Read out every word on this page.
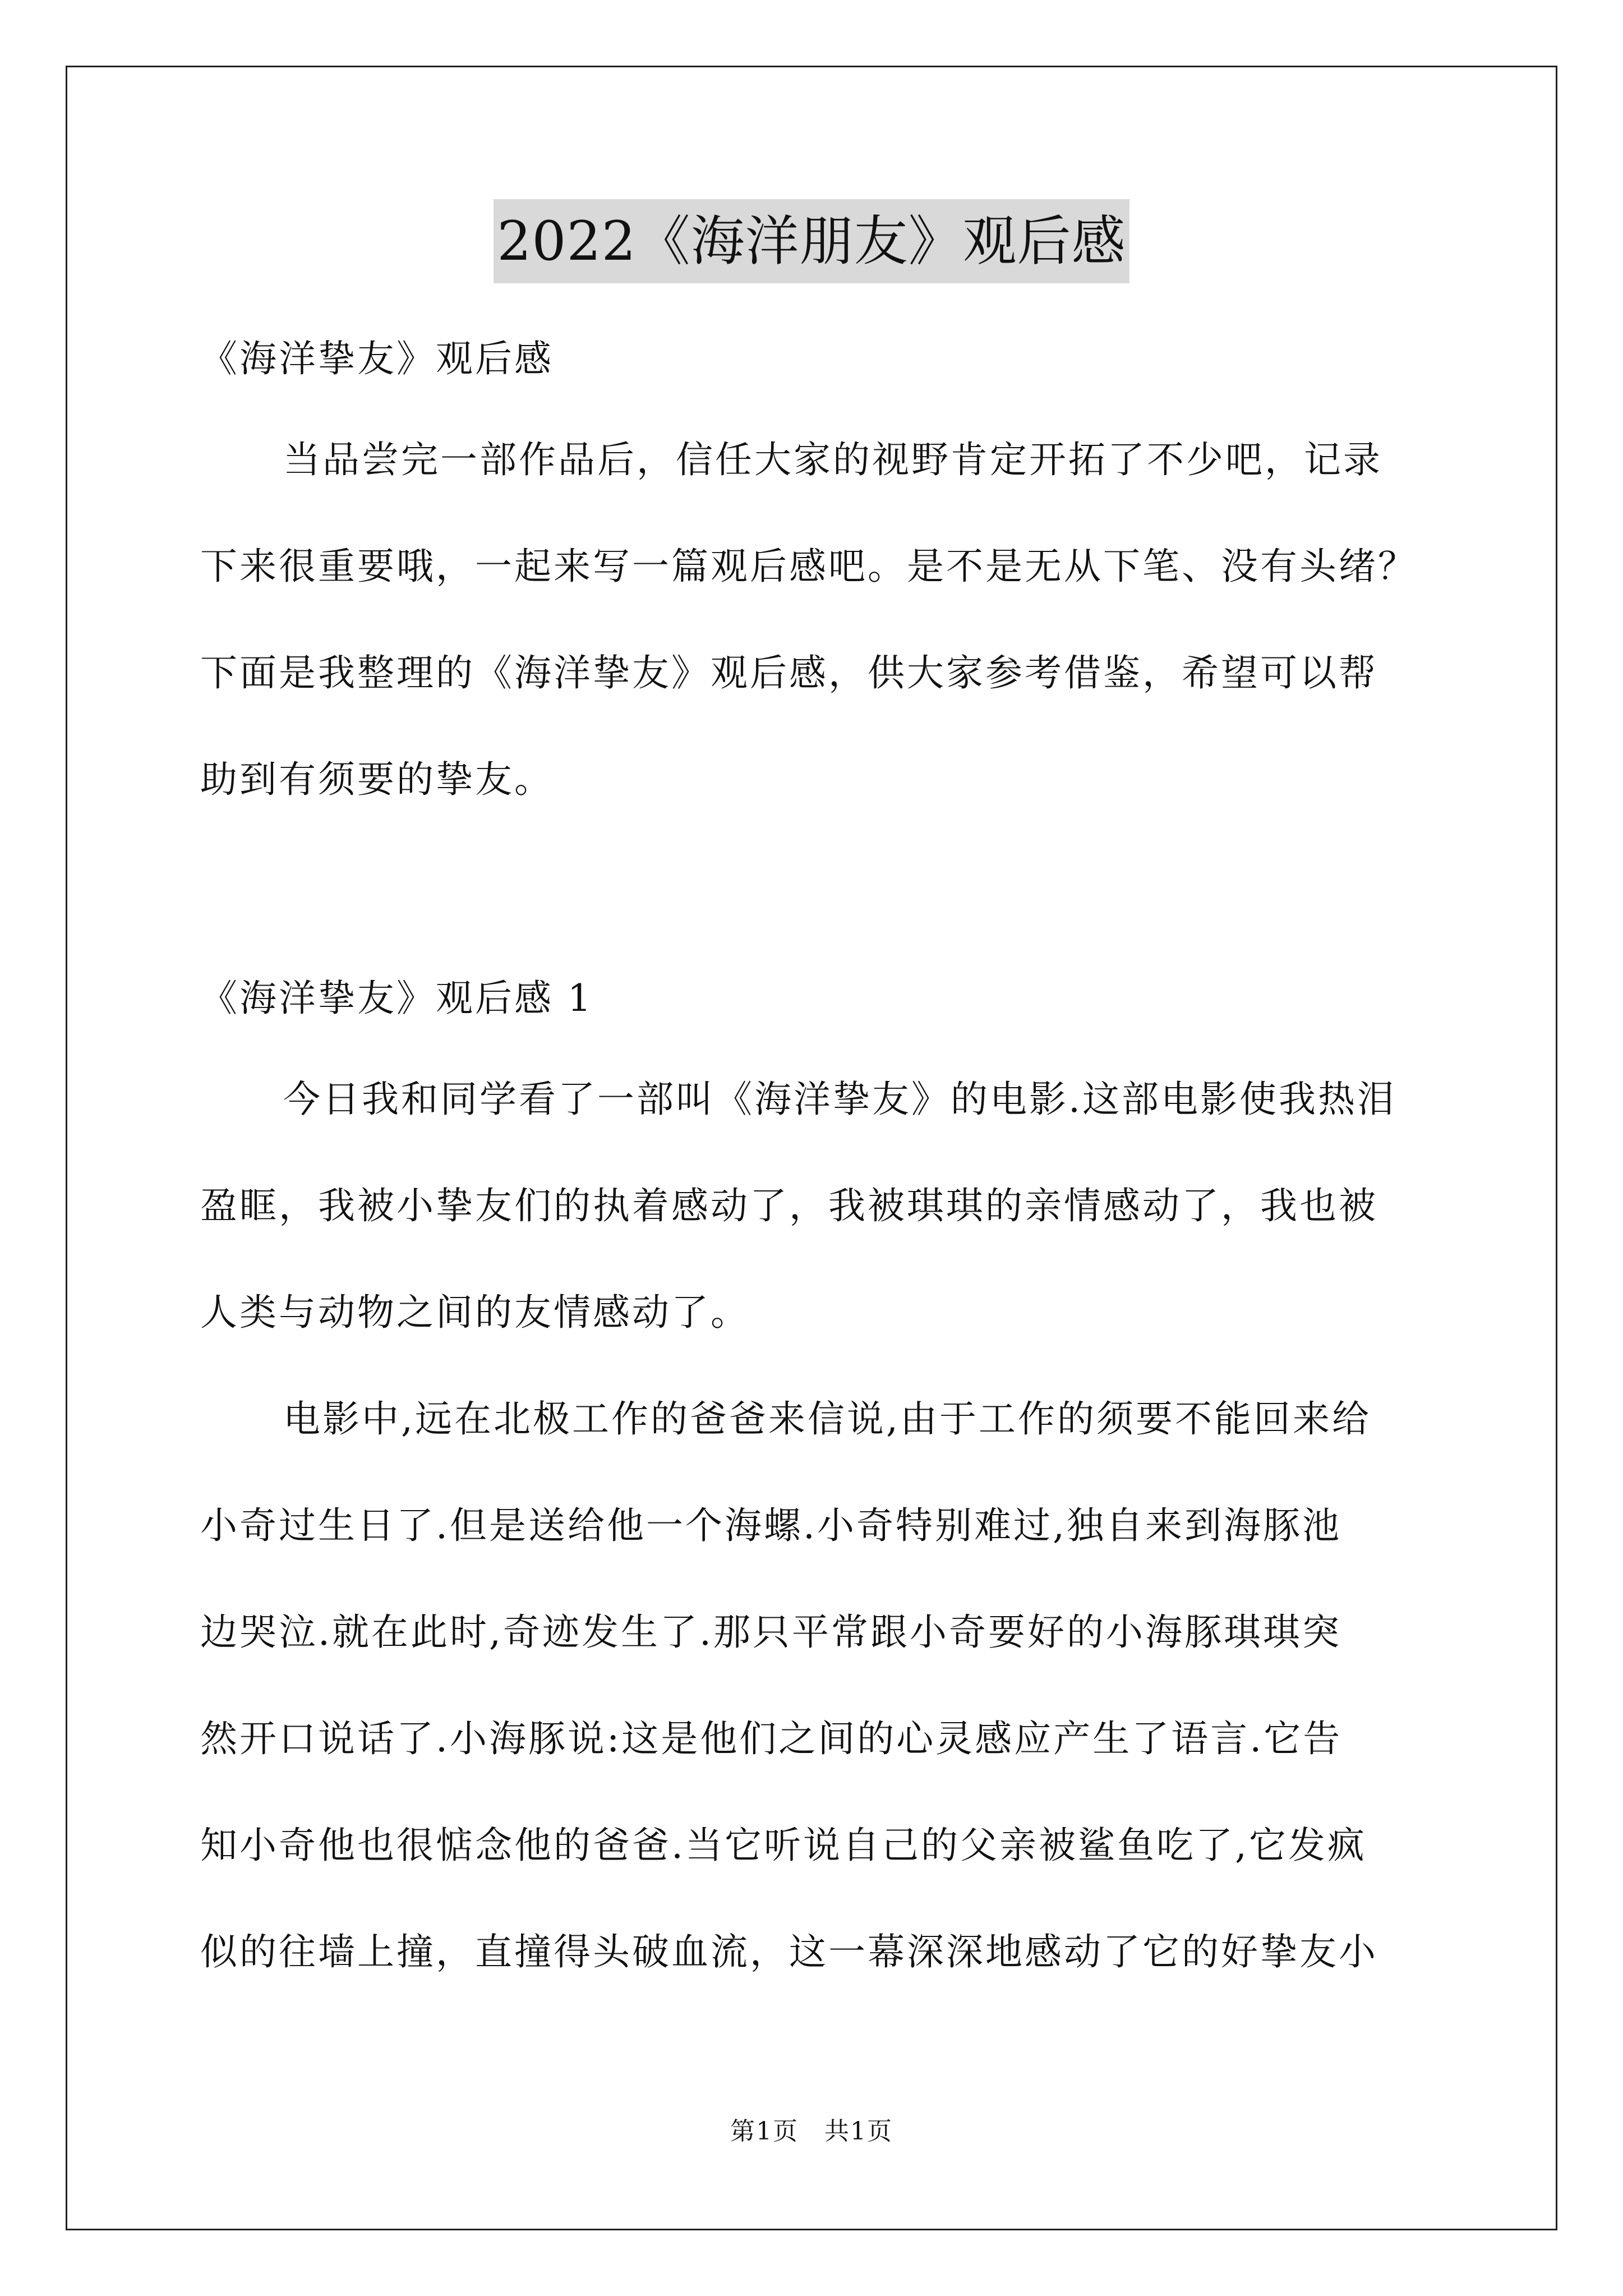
2022《海洋朋友》观后感

《海洋挚友》观后感

当品尝完一部作品后，信任大家的视野肯定开拓了不少吧，记录
下来很重要哦，一起来写一篇观后感吧。是不是无从下笔、没有头绪？
下面是我整理的《海洋挚友》观后感，供大家参考借鉴，希望可以帮
助到有须要的挚友。

《海洋挚友》观后感 1

今日我和同学看了一部叫《海洋挚友》的电影.这部电影使我热泪
盈眶，我被小挚友们的执着感动了，我被琪琪的亲情感动了，我也被
人类与动物之间的友情感动了。
电影中,远在北极工作的爸爸来信说,由于工作的须要不能回来给
小奇过生日了.但是送给他一个海螺.小奇特别难过,独自来到海豚池
边哭泣.就在此时,奇迹发生了.那只平常跟小奇要好的小海豚琪琪突
然开口说话了.小海豚说:这是他们之间的心灵感应产生了语言.它告
知小奇他也很惦念他的爸爸.当它听说自己的父亲被鲨鱼吃了,它发疯
似的往墙上撞，直撞得头破血流，这一幕深深地感动了它的好挚友小
第1页　共1页
